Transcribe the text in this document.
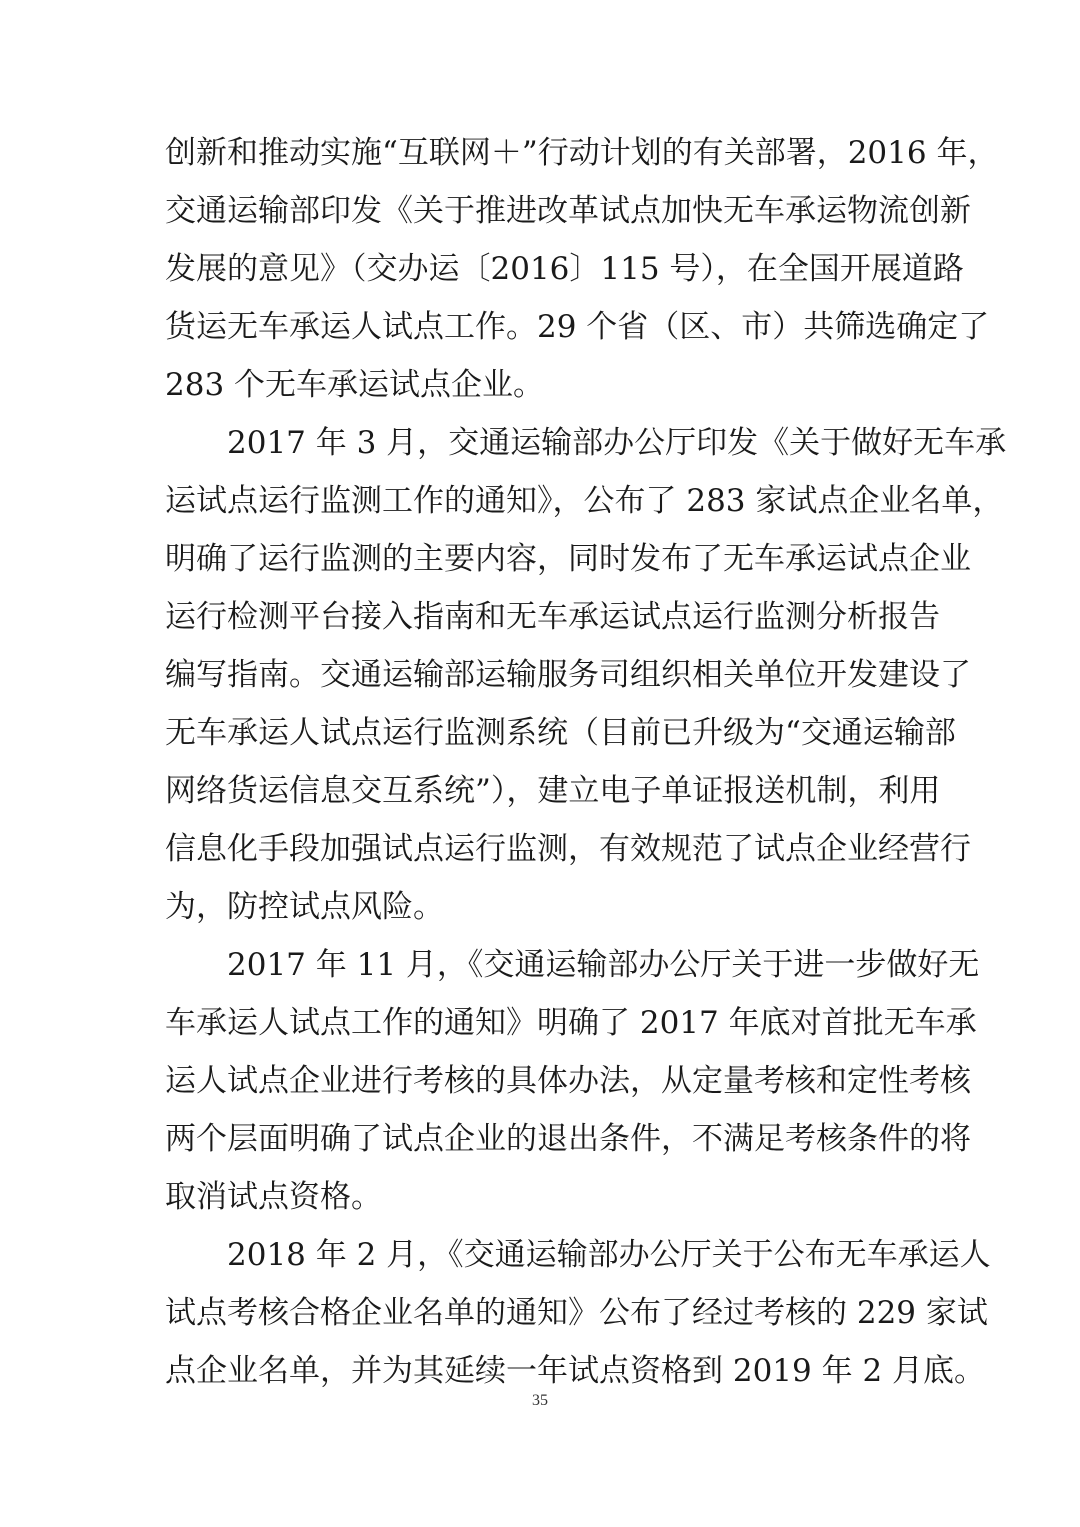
创新和推动实施“互联网＋”行动计划的有关部署，2016 年，
交通运输部印发《关于推进改革试点加快无车承运物流创新
发展的意见》（交办运〔2016〕115 号），在全国开展道路
货运无车承运人试点工作。29 个省（区、市）共筛选确定了
283 个无车承运试点企业。
　　2017 年 3 月，交通运输部办公厅印发《关于做好无车承
运试点运行监测工作的通知》，公布了 283 家试点企业名单，
明确了运行监测的主要内容，同时发布了无车承运试点企业
运行检测平台接入指南和无车承运试点运行监测分析报告
编写指南。交通运输部运输服务司组织相关单位开发建设了
无车承运人试点运行监测系统（目前已升级为“交通运输部
网络货运信息交互系统”），建立电子单证报送机制，利用
信息化手段加强试点运行监测，有效规范了试点企业经营行
为，防控试点风险。
　　2017 年 11 月，《交通运输部办公厅关于进一步做好无
车承运人试点工作的通知》明确了 2017 年底对首批无车承
运人试点企业进行考核的具体办法，从定量考核和定性考核
两个层面明确了试点企业的退出条件，不满足考核条件的将
取消试点资格。
　　2018 年 2 月，《交通运输部办公厅关于公布无车承运人
试点考核合格企业名单的通知》公布了经过考核的 229 家试
点企业名单，并为其延续一年试点资格到 2019 年 2 月底。
35
